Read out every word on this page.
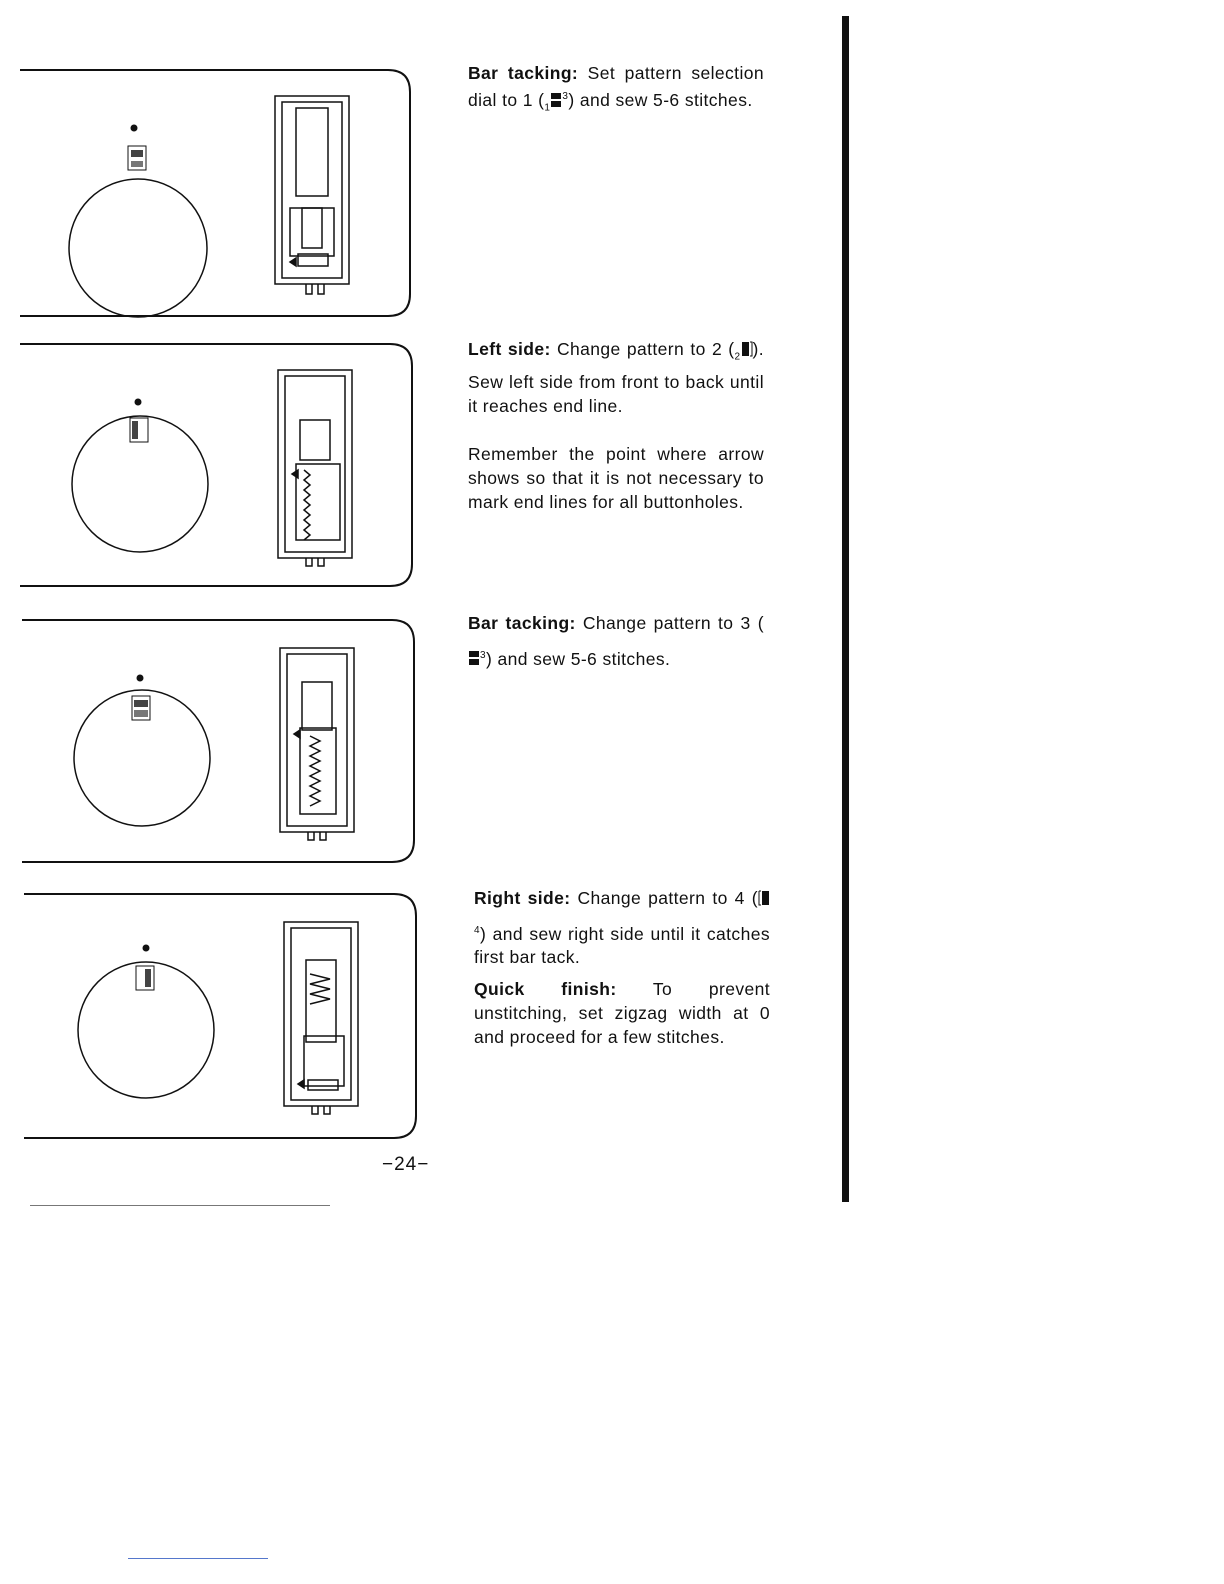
Bar tacking: Set pattern selection dial to 1 $(_1^3)$ and sew 5-6 stitches.

Left side: Change pattern to 2 ($_2$ ). Sew left side from front to back until it reaches end line.

Remember the point where arrow shows so that it is not necessary to mark end lines for all buttonholes.

Bar tacking: Change pattern to 3 ($^3$) and sew 5-6 stitches.

Right side: Change pattern to 4 ($^4$) and sew right side until it catches first bar tack.

Quick finish: To prevent unstitching, set zigzag width at 0 and proceed for a few stitches.

−24−
